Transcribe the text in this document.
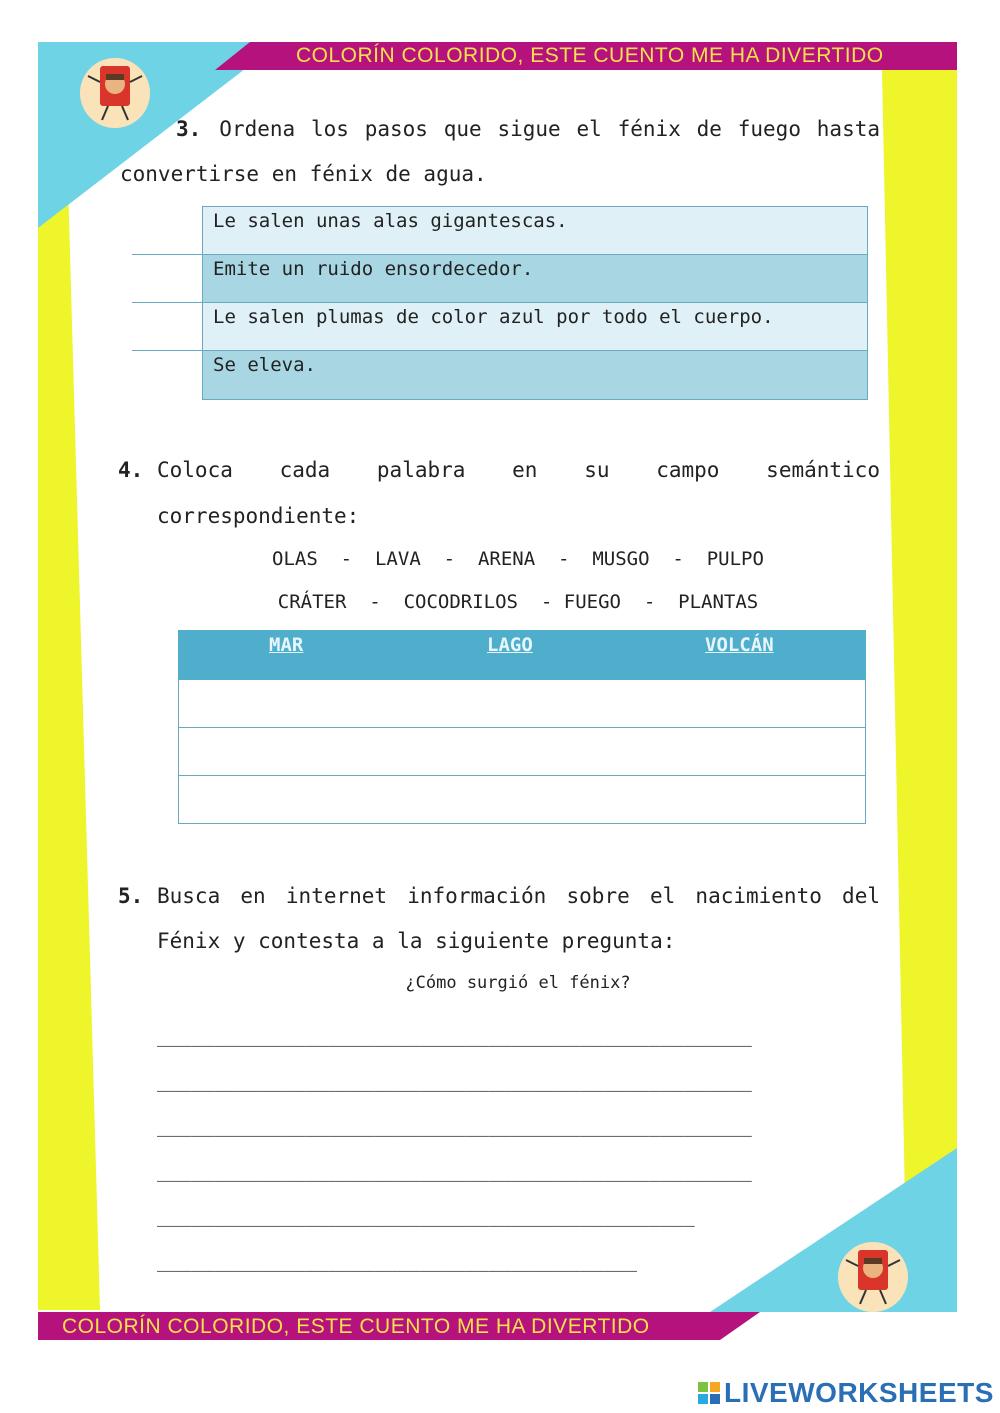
COLORÍN COLORIDO, ESTE CUENTO ME HA DIVERTIDO
COLORÍN COLORIDO, ESTE CUENTO ME HA DIVERTIDO
3. Ordena los pasos que sigue el fénix de fuego hasta
convertirse en fénix de agua.
Le salen unas alas gigantescas.
Emite un ruido ensordecedor.
Le salen plumas de color azul por todo el cuerpo.
Se eleva.
4. Coloca cada palabra en su campo semántico
correspondiente:
OLAS  -  LAVA  -  ARENA  -  MUSGO  -  PULPO
CRÁTER  -  COCODRILOS  - FUEGO  -  PLANTAS
MAR	LAGO	VOLCÁN
5. Busca en internet información sobre el nacimiento del
Fénix y contesta a la siguiente pregunta:
¿Cómo surgió el fénix?
____________________________________________________
____________________________________________________
____________________________________________________
____________________________________________________
_______________________________________________
__________________________________________
LIVEWORKSHEETS
